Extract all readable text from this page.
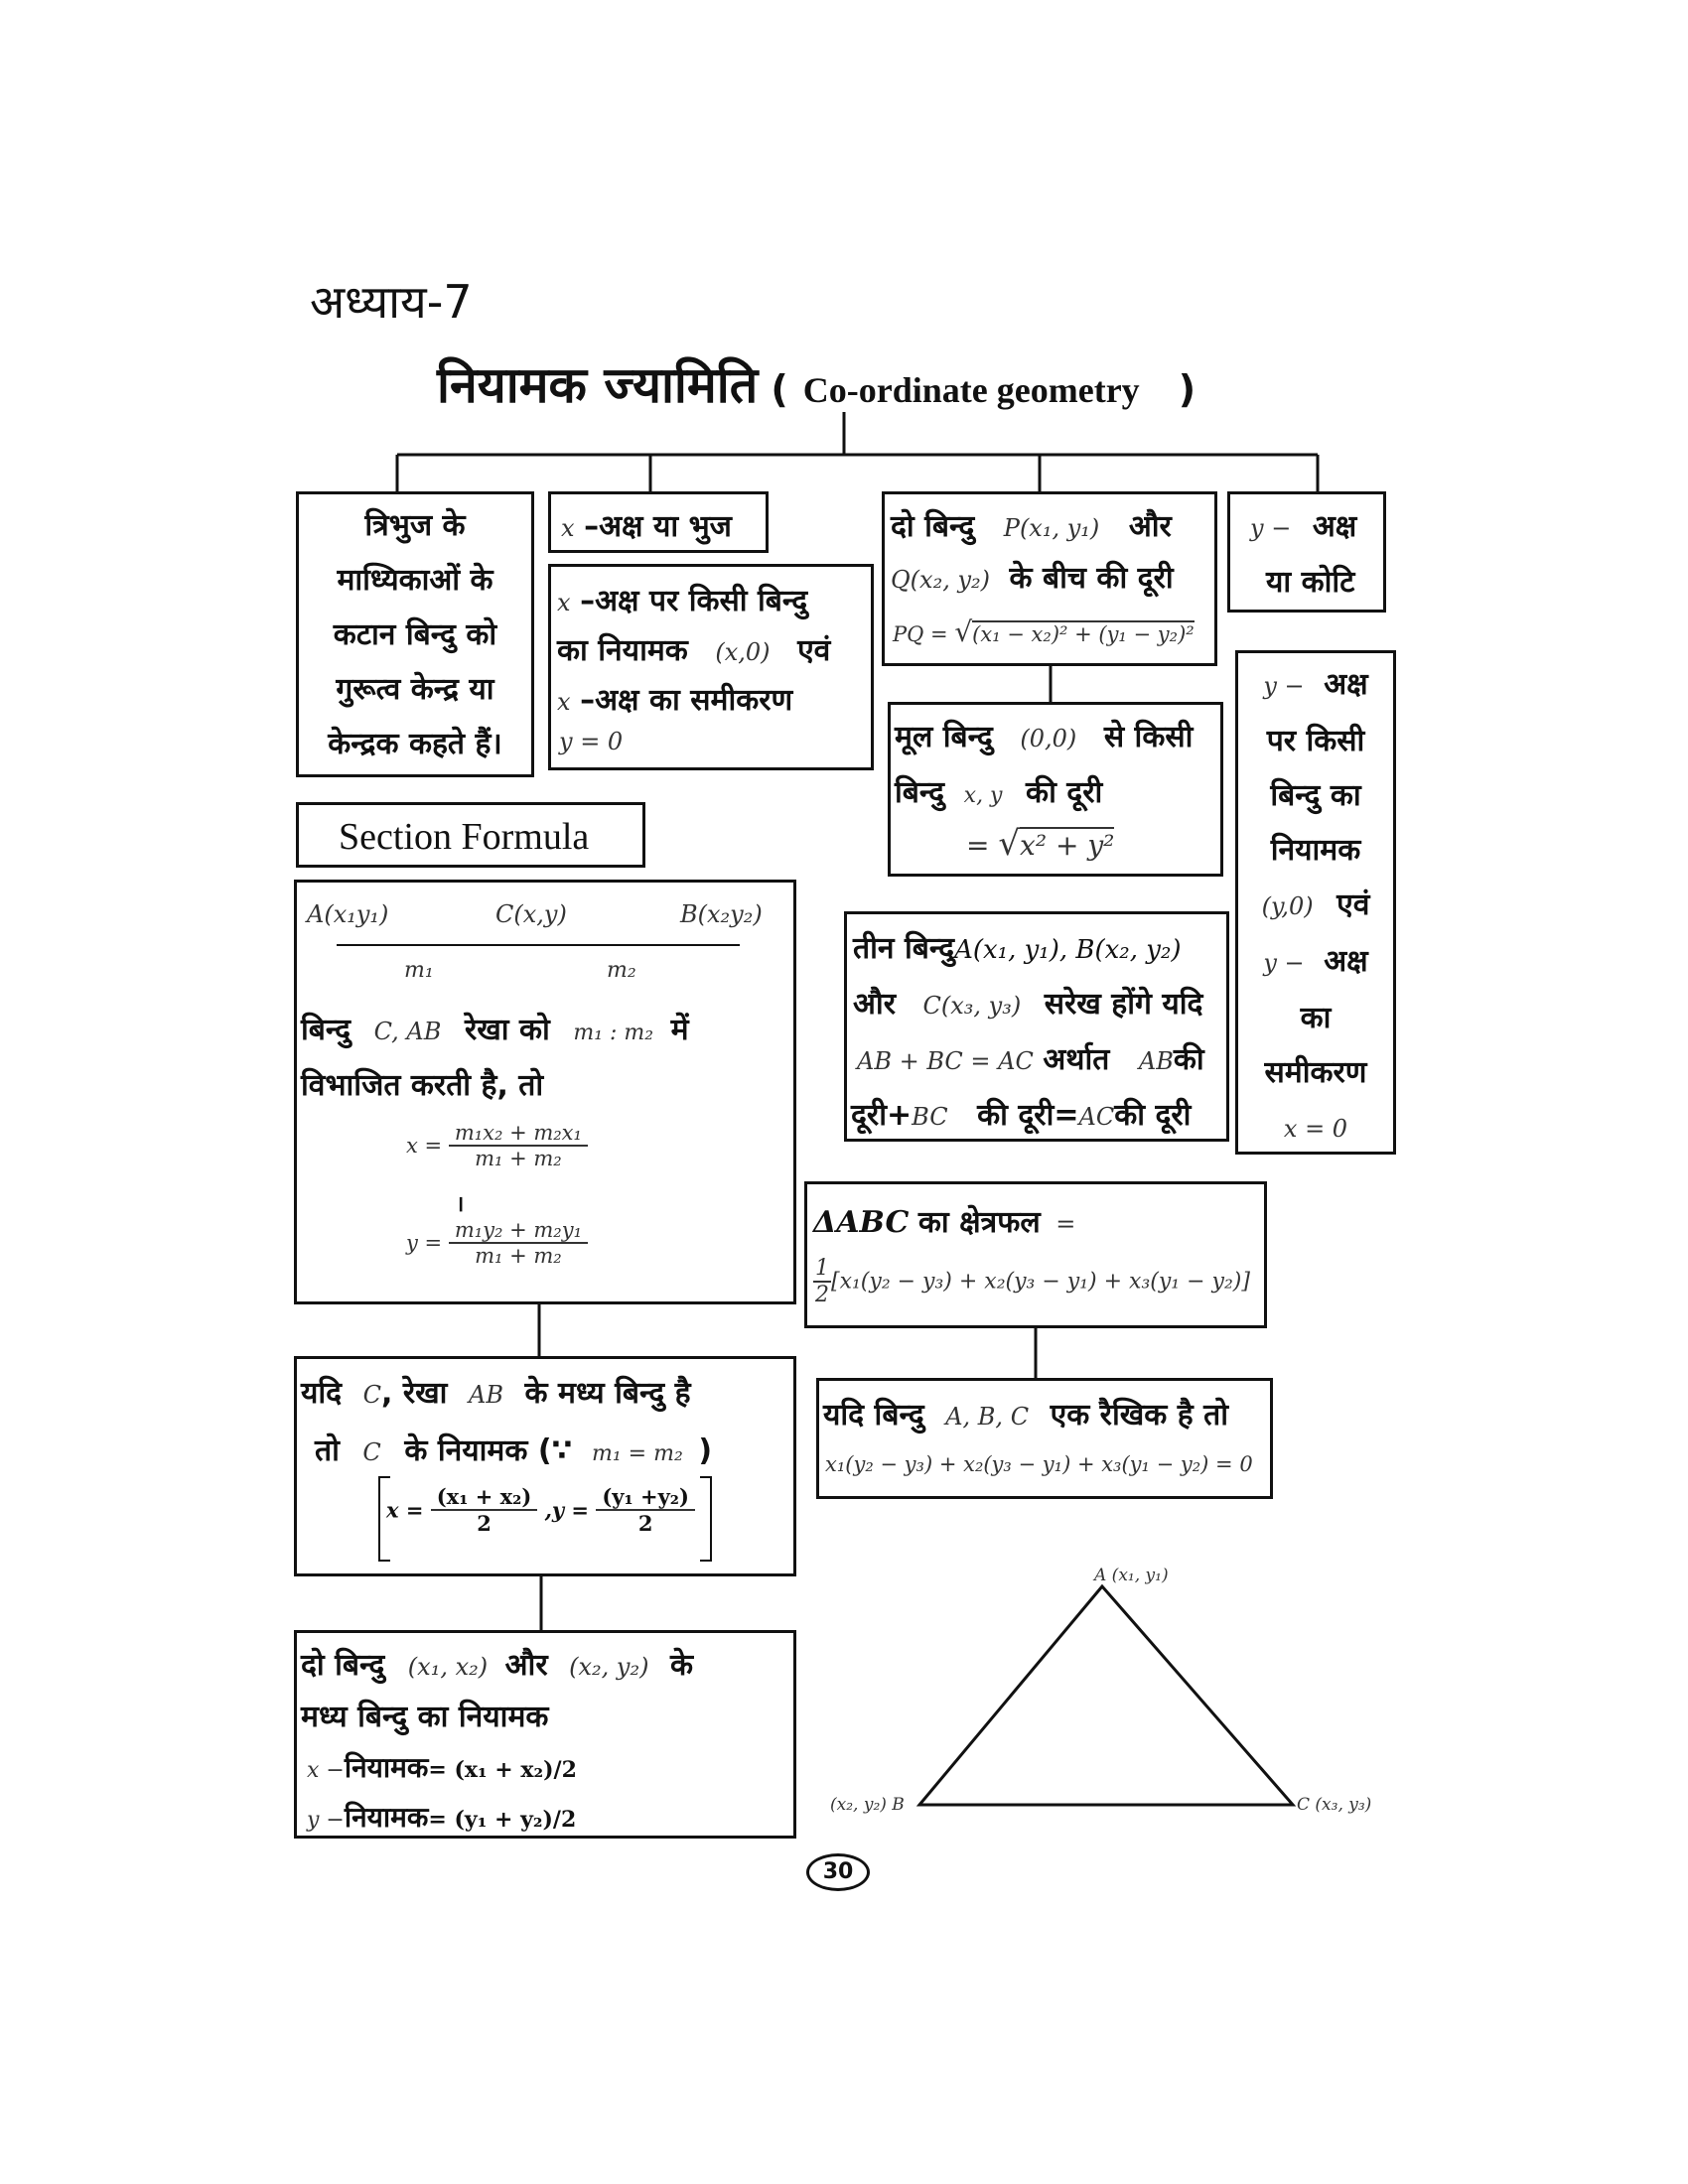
अध्याय-7
नियामक ज्यामिति ( Co-ordinate geometry )
त्रिभुज के
माध्यिकाओं के
कटान बिन्दु को
गुरूत्व केन्द्र या
केन्द्रक कहते हैं।
x –अक्ष या भुज
x –अक्ष पर किसी बिन्दु
का नियामक (x,0) एवं
x –अक्ष का समीकरण
y = 0
दो बिन्दु P(x₁, y₁) और
Q(x₂, y₂) के बीच की दूरी
PQ = √(x₁ − x₂)² + (y₁ − y₂)²
y − अक्ष
या कोटि
मूल बिन्दु (0,0) से किसी
बिन्दु x, y की दूरी
= √x² + y²
y − अक्ष
पर किसी
बिन्दु का
नियामक
(y,0) एवं
y − अक्ष
का
समीकरण
x = 0
Section Formula
A(x₁y₁)	C(x,y)	B(x₂y₂)
m₁	m₂
बिन्दु C, AB रेखा को m₁ : m₂ में
विभाजित करती है, तो
$x = \frac{\text{m₁x₂ + m₂x₁}}{\text{m₁ + m₂}}$
।
$y = \frac{\text{m₁y₂ + m₂y₁}}{\text{m₁ + m₂}}$
तीन बिन्दुA(x₁, y₁), B(x₂, y₂)
और C(x₃, y₃) सरेख होंगे यदि
AB + BC = AC अर्थात ABकी
दूरी+BC की दूरी=ACकी दूरी
ΔABC का क्षेत्रफल =
$\frac{1}{2} [x_1(y_2 - y_3) + x_2(y_3 - y_1) + x_3(y_1 - y_2)]$
यदि C, रेखा AB के मध्य बिन्दु है
तो C के नियामक (∵ m₁ = m₂ )
$x = \frac{\text{(x₁ + x₂)}}{2} ,y = \frac{\text{(y₁ +y₂)}}{2}$
यदि बिन्दु A, B, C एक रैखिक है तो
x₁(y₂ − y₃) + x₂(y₃ − y₁) + x₃(y₁ − y₂) = 0
दो बिन्दु (x₁, x₂) और (x₂, y₂) के
मध्य बिन्दु का नियामक
x −नियामक= (x₁ + x₂)/2
y −नियामक= (y₁ + y₂)/2
A (x₁, y₁)
(x₂, y₂) B	C (x₃, y₃)
30
